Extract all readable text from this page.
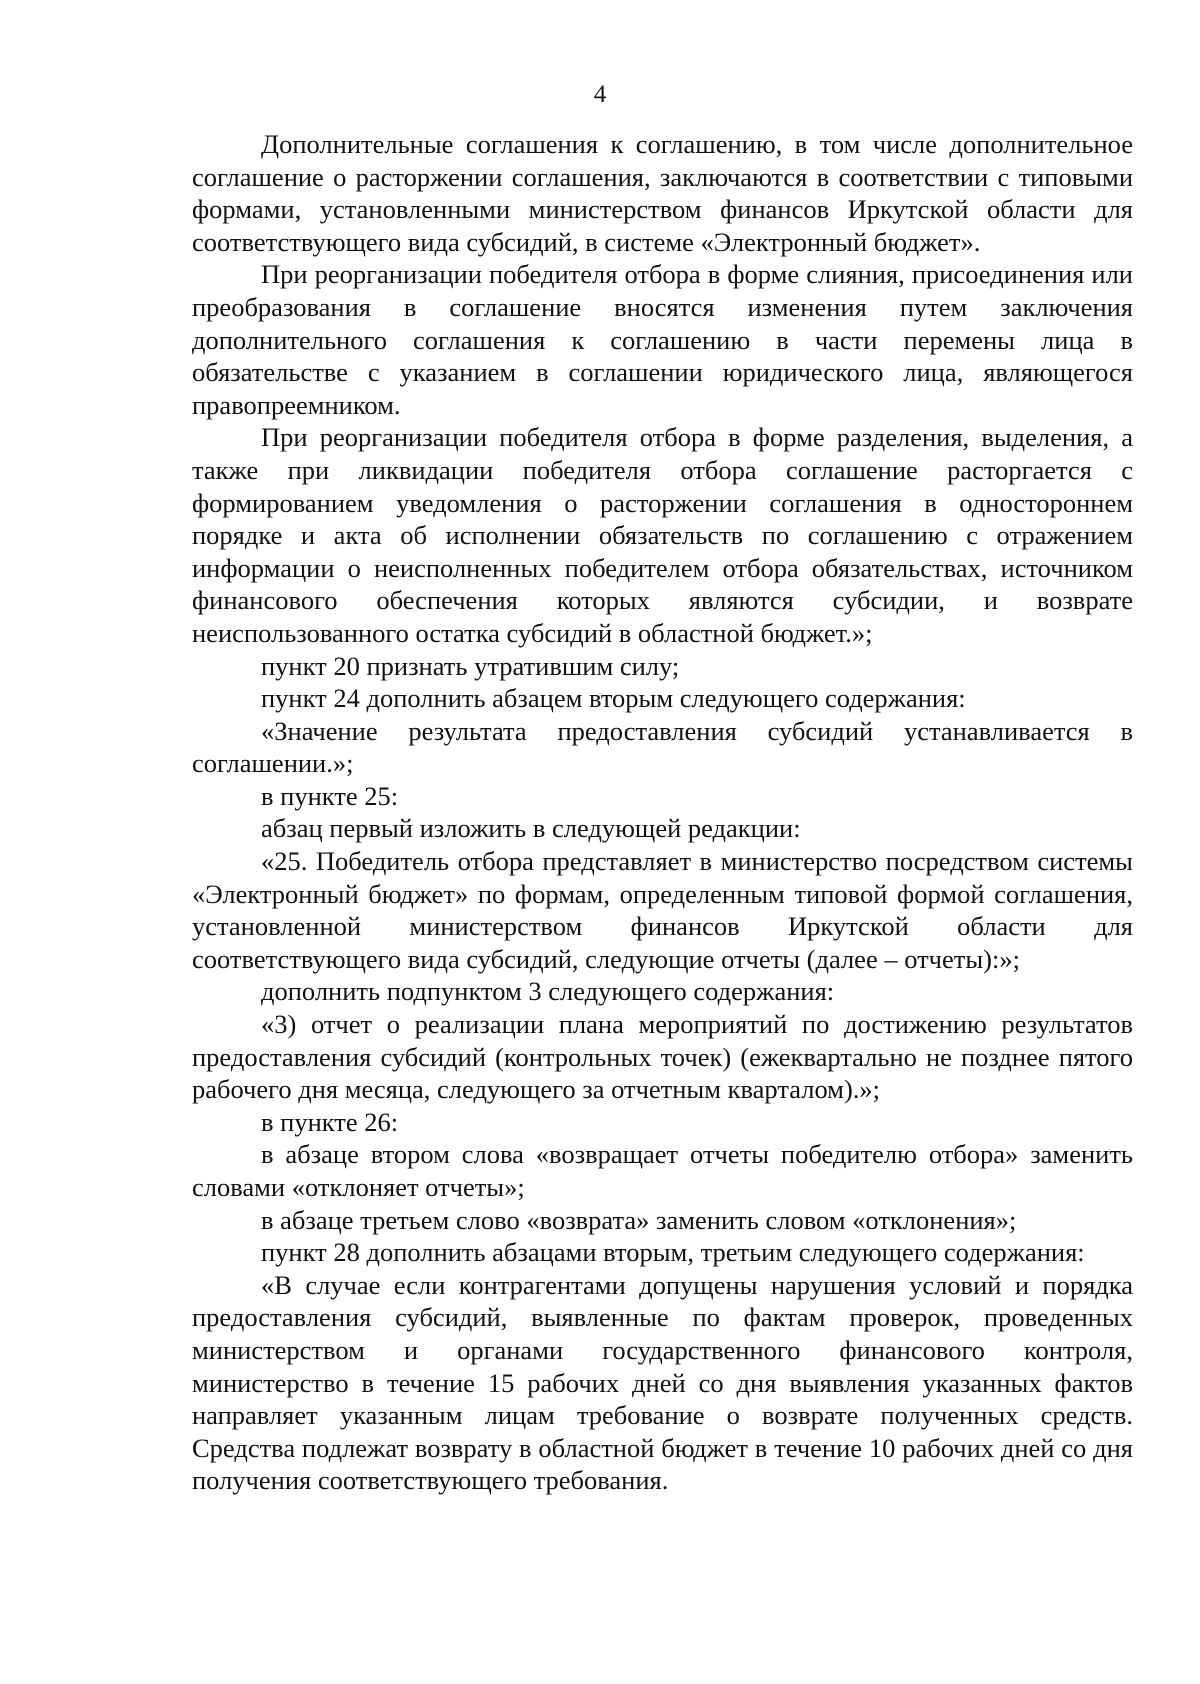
4

Дополнительные соглашения к соглашению, в том числе дополнительное соглашение о расторжении соглашения, заключаются в соответствии с типовыми формами, установленными министерством финансов Иркутской области для соответствующего вида субсидий, в системе «Электронный бюджет».

При реорганизации победителя отбора в форме слияния, присоединения или преобразования в соглашение вносятся изменения путем заключения дополнительного соглашения к соглашению в части перемены лица в обязательстве с указанием в соглашении юридического лица, являющегося правопреемником.

При реорганизации победителя отбора в форме разделения, выделения, а также при ликвидации победителя отбора соглашение расторгается с формированием уведомления о расторжении соглашения в одностороннем порядке и акта об исполнении обязательств по соглашению с отражением информации о неисполненных победителем отбора обязательствах, источником финансового обеспечения которых являются субсидии, и возврате неиспользованного остатка субсидий в областной бюджет.»;

пункт 20 признать утратившим силу;

пункт 24 дополнить абзацем вторым следующего содержания:

«Значение результата предоставления субсидий устанавливается в соглашении.»;

в пункте 25:

абзац первый изложить в следующей редакции:

«25. Победитель отбора представляет в министерство посредством системы «Электронный бюджет» по формам, определенным типовой формой соглашения, установленной министерством финансов Иркутской области для соответствующего вида субсидий, следующие отчеты (далее – отчеты):»;

дополнить подпунктом 3 следующего содержания:

«3) отчет о реализации плана мероприятий по достижению результатов предоставления субсидий (контрольных точек) (ежеквартально не позднее пятого рабочего дня месяца, следующего за отчетным кварталом).»;

в пункте 26:

в абзаце втором слова «возвращает отчеты победителю отбора» заменить словами «отклоняет отчеты»;

в абзаце третьем слово «возврата» заменить словом «отклонения»;

пункт 28 дополнить абзацами вторым, третьим следующего содержания:

«В случае если контрагентами допущены нарушения условий и порядка предоставления субсидий, выявленные по фактам проверок, проведенных министерством и органами государственного финансового контроля, министерство в течение 15 рабочих дней со дня выявления указанных фактов направляет указанным лицам требование о возврате полученных средств. Средства подлежат возврату в областной бюджет в течение 10 рабочих дней со дня получения соответствующего требования.
